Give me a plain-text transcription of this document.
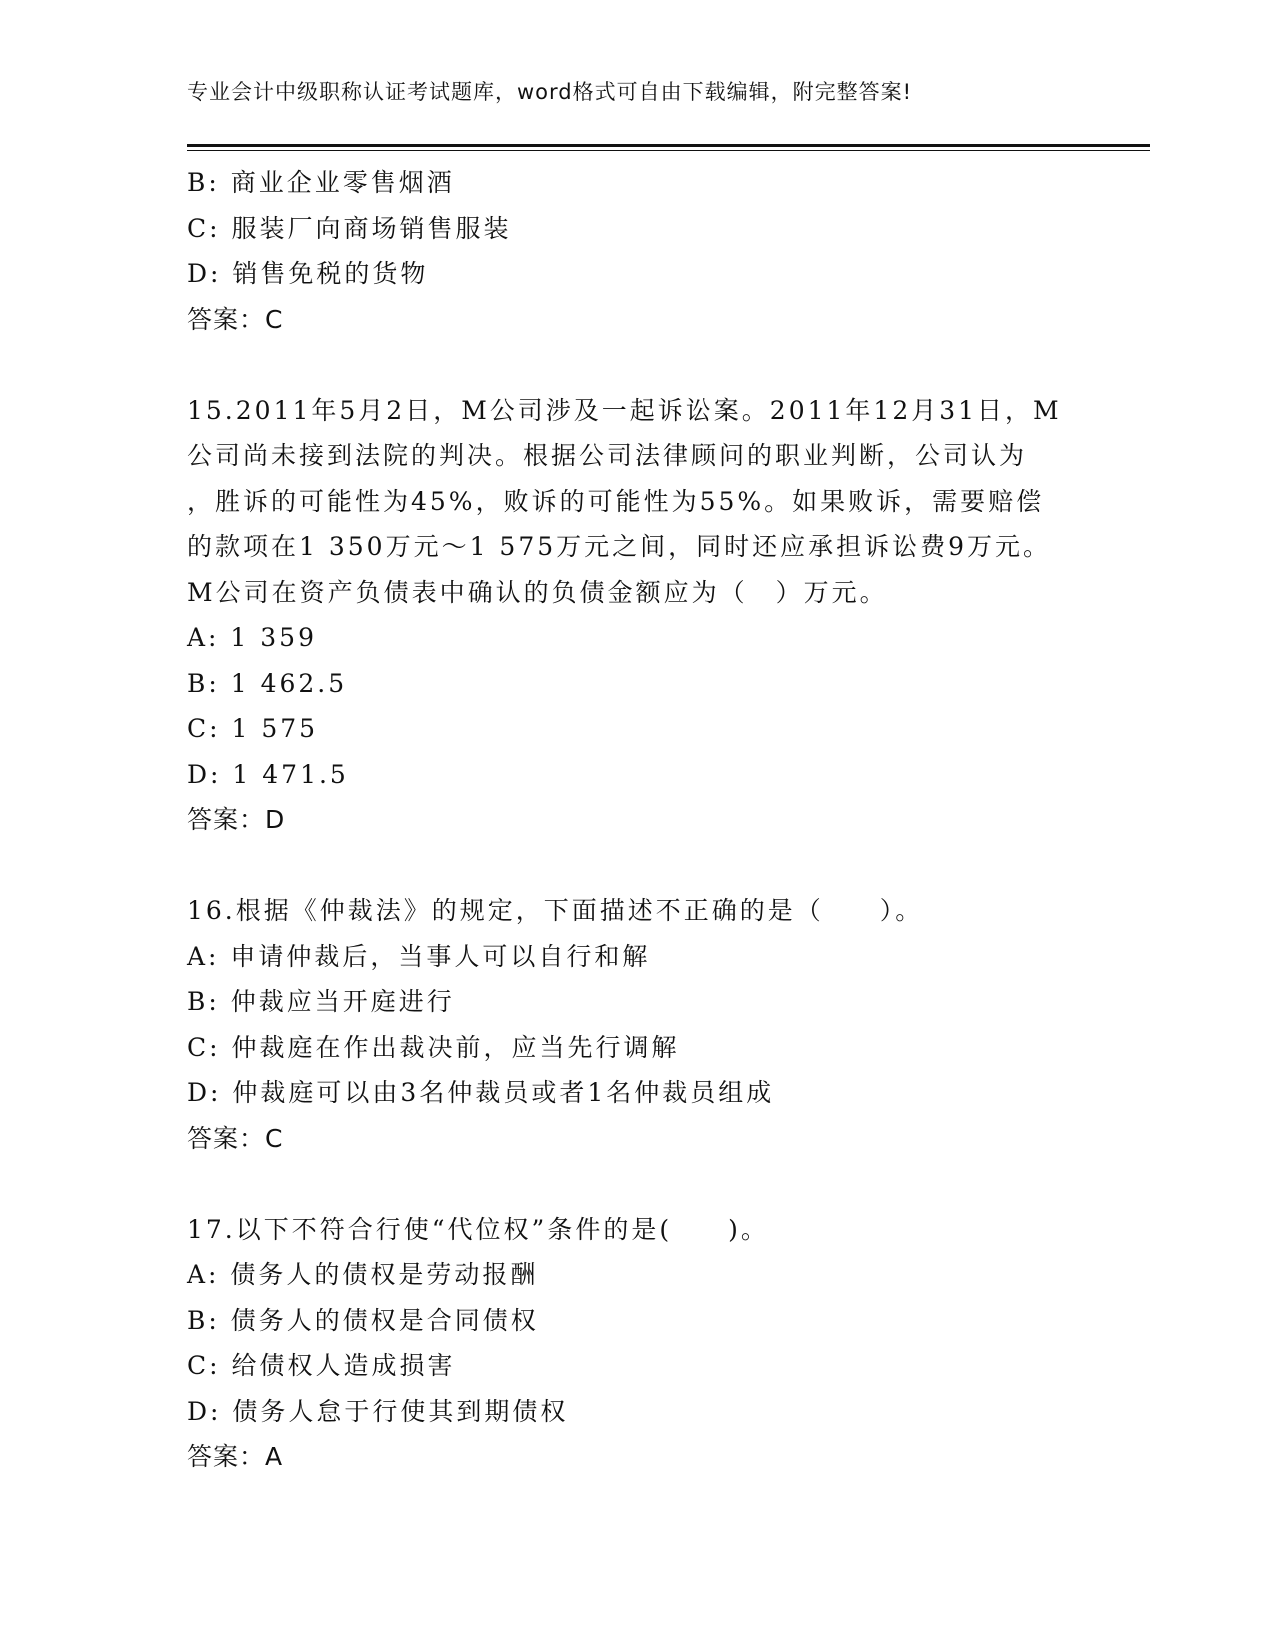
专业会计中级职称认证考试题库，word格式可自由下载编辑，附完整答案!
B: 商业企业零售烟酒
C: 服装厂向商场销售服装
D: 销售免税的货物
答案：C
15.2011年5月2日，M公司涉及一起诉讼案。2011年12月31日，M
公司尚未接到法院的判决。根据公司法律顾问的职业判断，公司认为
，胜诉的可能性为45%，败诉的可能性为55%。如果败诉，需要赔偿
的款项在1 350万元～1 575万元之间，同时还应承担诉讼费9万元。
M公司在资产负债表中确认的负债金额应为（　）万元。
A: 1 359
B: 1 462.5
C: 1 575
D: 1 471.5
答案：D
16.根据《仲裁法》的规定，下面描述不正确的是（　　）。
A: 申请仲裁后，当事人可以自行和解
B: 仲裁应当开庭进行
C: 仲裁庭在作出裁决前，应当先行调解
D: 仲裁庭可以由3名仲裁员或者1名仲裁员组成
答案：C
17.以下不符合行使“代位权”条件的是(　　)。
A: 债务人的债权是劳动报酬
B: 债务人的债权是合同债权
C: 给债权人造成损害
D: 债务人怠于行使其到期债权
答案：A
